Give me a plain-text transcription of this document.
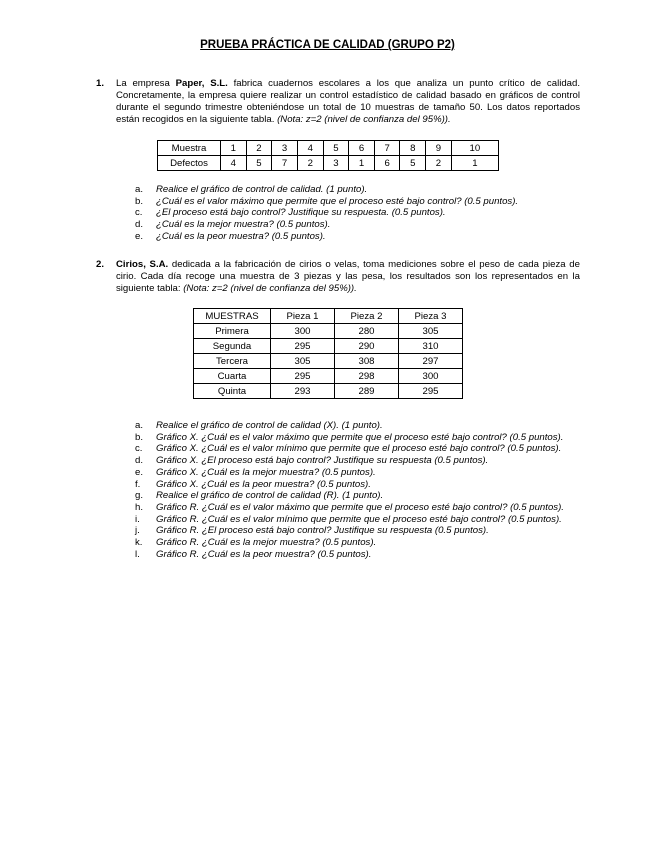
PRUEBA PRÁCTICA DE CALIDAD (GRUPO P2)
1. La empresa Paper, S.L. fabrica cuadernos escolares a los que analiza un punto crítico de calidad. Concretamente, la empresa quiere realizar un control estadístico de calidad basado en gráficos de control durante el segundo trimestre obteniéndose un total de 10 muestras de tamaño 50. Los datos reportados están recogidos en la siguiente tabla. (Nota: z=2 (nivel de confianza del 95%)).
Muestra	1	2	3	4	5	6	7	8	9	10
Defectos	4	5	7	2	3	1	6	5	2	1
a. Realice el gráfico de control de calidad. (1 punto).
b. ¿Cuál es el valor máximo que permite que el proceso esté bajo control? (0.5 puntos).
c. ¿El proceso está bajo control? Justifique su respuesta. (0.5 puntos).
d. ¿Cuál es la mejor muestra? (0.5 puntos).
e. ¿Cuál es la peor muestra? (0.5 puntos).
2. Cirios, S.A. dedicada a la fabricación de cirios o velas, toma mediciones sobre el peso de cada pieza de cirio. Cada día recoge una muestra de 3 piezas y las pesa, los resultados son los representados en la siguiente tabla: (Nota: z=2 (nivel de confianza del 95%)).
MUESTRAS	Pieza 1	Pieza 2	Pieza 3
Primera	300	280	305
Segunda	295	290	310
Tercera	305	308	297
Cuarta	295	298	300
Quinta	293	289	295
a. Realice el gráfico de control de calidad (X). (1 punto).
b. Gráfico X. ¿Cuál es el valor máximo que permite que el proceso esté bajo control? (0.5 puntos).
c. Gráfico X. ¿Cuál es el valor mínimo que permite que el proceso esté bajo control? (0.5 puntos).
d. Gráfico X. ¿El proceso está bajo control? Justifique su respuesta (0.5 puntos).
e. Gráfico X. ¿Cuál es la mejor muestra? (0.5 puntos).
f. Gráfico X. ¿Cuál es la peor muestra? (0.5 puntos).
g. Realice el gráfico de control de calidad (R). (1 punto).
h. Gráfico R. ¿Cuál es el valor máximo que permite que el proceso esté bajo control? (0.5 puntos).
i. Gráfico R. ¿Cuál es el valor mínimo que permite que el proceso esté bajo control? (0.5 puntos).
j. Gráfico R. ¿El proceso está bajo control? Justifique su respuesta (0.5 puntos).
k. Gráfico R. ¿Cuál es la mejor muestra? (0.5 puntos).
l. Gráfico R. ¿Cuál es la peor muestra? (0.5 puntos).
